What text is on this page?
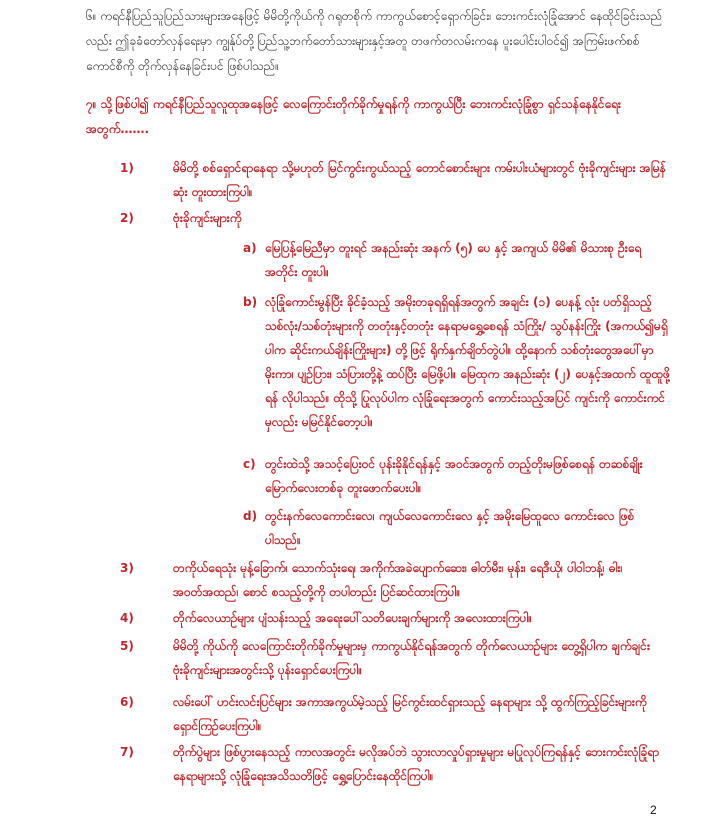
၆။ ကရင်နီပြည်သူပြည်သားများအနေဖြင့် မိမိတို့ကိုယ်ကို ဂရုတစိုက် ကာကွယ်စောင့်ရှောက်ခြင်း၊ ဘေးကင်းလုံခြုံအောင် နေထိုင်ခြင်းသည်လည်း ဤခုခံတော်လှန်ရေးမှာ ကျွန်ုပ်တို့ပြည်သူ့ဘက်တော်သားများနှင့်အတူ တဖက်တလမ်းကနေ ပူးပေါင်းပါဝင်၍ အကြမ်းဖက်စစ်ကောင်စီကို တိုက်လှန်နေခြင်းပင် ဖြစ်ပါသည်။
၇။ သို့ဖြစ်ပါ၍ ကရင်နီပြည်သူလူထုအနေဖြင့် လေကြောင်းတိုက်ခိုက်မှုရန်ကို ကာကွယ်ပြီး ဘေးကင်းလုံခြုံစွာ ရှင်သန်နေနိုင်ရေးအတွက်…….
1)	မိမိတို့ စစ်ရှောင်ရာနေရာ သို့မဟုတ် မြင်ကွင်းကွယ်သည့် တောင်စောင်းများ ကမ်းပါးယံများတွင် ဗုံးခိုကျင်းများ အမြန်ဆုံး တူးထားကြပါ။
2)	ဗုံးခိုကျင်းများကို
a) မြေပြန့်မြေညီမှာ တူးရင် အနည်းဆုံး အနက် (၅) ပေ နှင့် အကျယ် မိမိ၏ မိသားစု ဦးရေအတိုင်း တူးပါ။
b) လုံခြုံကောင်းမွန်ပြီး ခိုင်ခံ့သည့် အမိုးတခုရရှိရန်အတွက် အချင်း (၁) ပေနန့် လုံး ပတ်ရှိသည့် သစ်လုံး/သစ်တုံးများကို တတုံးနှင့်တတုံး နေရာမရွှေ့စေရန် သံကြိုး/ သွပ်နန်းကြိုး (အကယ်၍မရှိပါက ဆိုင်းကယ်ချိန်းကြိုးများ) တို့ဖြင့် ရိုက်နှက်ချိတ်တွဲပါ။ ထို့နောက် သစ်တုံးတွေအပေါ်မှာ မိုးကာ၊ ပျဉ်ပြား၊ သံပြားတို့နဲ့ ထပ်ပြီး မြေဖို့ပါ။ မြေထုက အနည်းဆုံး (၂) ပေနှင့်အထက် ထူထူဖို့ရန် လိုပါသည်။ ထိုသို့ ပြုလုပ်ပါက လုံခြုံရေးအတွက် ကောင်းသည့်အပြင် ကျင်းကို ကောင်းကင်မှလည်း မမြင်နိုင်တော့ပါ။
c) တွင်းထဲသို့ အသင့်ပြေးဝင် ပုန်းခိုနိုင်ရန်နှင့် အဝင်အတွက် တည့်တိုးမဖြစ်စေရန် တဆစ်ချိုးမြောက်လေးတစ်ခု တူးဖောက်ပေးပါ။
d) တွင်းနက်လေကောင်းလေ၊ ကျယ်လေကောင်းလေ နှင့် အမိုးမြေထူလေ ကောင်းလေ ဖြစ်ပါသည်။
3)	တကိုယ်ရေသုံး မုန့်ခြောက်၊ သောက်သုံးရေ၊ အကိုက်အခဲပျောက်ဆေး၊ ဓါတ်မီး၊ မုန်း၊ ရေဒီယို၊ ပါဝါဘန့်၊ ဓါး၊ အဝတ်အထည်၊ စောင် စသည့်တို့ကို တပါတည်း ပြင်ဆင်ထားကြပါ။
4)	တိုက်လေယာဉ်များ ပျံသန်းသည့် အရေးပေါ်သတိပေးချက်များကို အလေးထားကြပါ။
5)	မိမိတို့ ကိုယ်ကို လေကြောင်းတိုက်ခိုက်မှုများမှ ကာကွယ်နိုင်ရန်အတွက် တိုက်လေယာဉ်များ တွေ့ရှိပါက ချက်ချင်း ဗုံးခိုကျင်းများအတွင်းသို့ ပုန်းရှောင်ပေးကြပါ။
6)	လမ်းပေါ် ဟင်းလင်းပြင်များ အကာအကွယ်မဲ့သည့် မြင်ကွင်းထင်ရှားသည့် နေရာများ သို့ ထွက်ကြည့်ခြင်းများကို ရှောင်ကြဉ်ပေးကြပါ။
7)	တိုက်ပွဲများ ဖြစ်ပွားနေသည့် ကာလအတွင်း မလိုအပ်ဘဲ သွားလာလှုပ်ရှားမှုများ မပြုလုပ်ကြရန်နှင့် ဘေးကင်းလုံခြုံရာ နေရာများသို့ လုံခြုံရေးအသိသတိဖြင့် ရွှေ့ပြောင်းနေထိုင်ကြပါ။
2
